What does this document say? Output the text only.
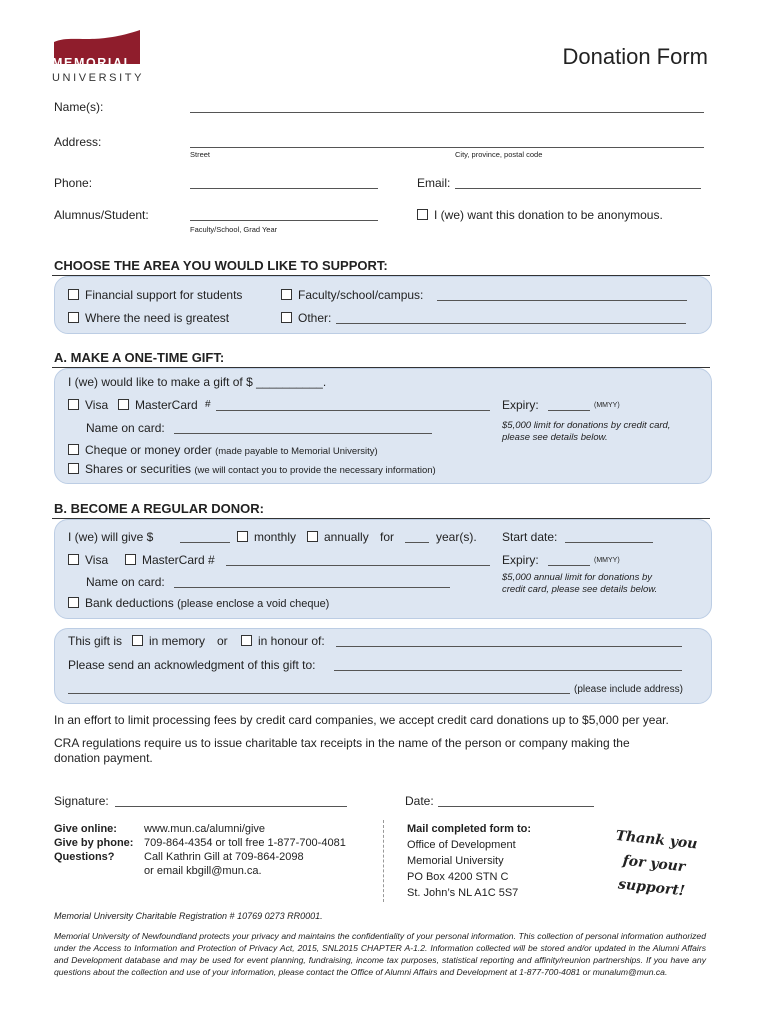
MEMORIAL
UNIVERSITY
Donation Form
Name(s):
Address:
Street	City, province, postal code
Phone:	Email:
Alumnus/Student:
Faculty/School, Grad Year
I (we) want this donation to be anonymous.
CHOOSE THE AREA YOU WOULD LIKE TO SUPPORT:
Financial support for students
Where the need is greatest
Faculty/school/campus:
Other:
A. MAKE A ONE-TIME GIFT:
I (we) would like to make a gift of $ __________.
Visa	MasterCard #	Expiry:	(MMYY)
Name on card:	$5,000 limit for donations by credit card, please see details below.
Cheque or money order (made payable to Memorial University)
Shares or securities (we will contact you to provide the necessary information)
B. BECOME A REGULAR DONOR:
I (we) will give $	monthly	annually for	year(s). Start date:
Visa	MasterCard #	Expiry:	(MMYY)
Name on card:	$5,000 annual limit for donations by credit card, please see details below.
Bank deductions (please enclose a void cheque)
This gift is	in memory or	in honour of:
Please send an acknowledgment of this gift to:
(please include address)
In an effort to limit processing fees by credit card companies, we accept credit card donations up to $5,000 per year.
CRA regulations require us to issue charitable tax receipts in the name of the person or company making the donation payment.
Signature:	Date:
Give online: www.mun.ca/alumni/give
Give by phone: 709-864-4354 or toll free 1-877-700-4081
Questions?	Call Kathrin Gill at 709-864-2098
or email kbgill@mun.ca.
Mail completed form to:
Office of Development
Memorial University
PO Box 4200 STN C
St. John’s NL A1C 5S7
Thank you
for your
support!
Memorial University Charitable Registration # 10769 0273 RR0001.
Memorial University of Newfoundland protects your privacy and maintains the confidentiality of your personal information. This collection of personal information authorized under the Access to Information and Protection of Privacy Act, 2015, SNL2015 CHAPTER A-1.2. Information collected will be stored and/or updated in the Alumni Affairs and Development database and may be used for event planning, fundraising, income tax purposes, statistical reporting and affinity/reunion partnerships. If you have any questions about the collection and use of your information, please contact the Office of Alumni Affairs and Development at 1-877-700-4081 or munalum@mun.ca.
